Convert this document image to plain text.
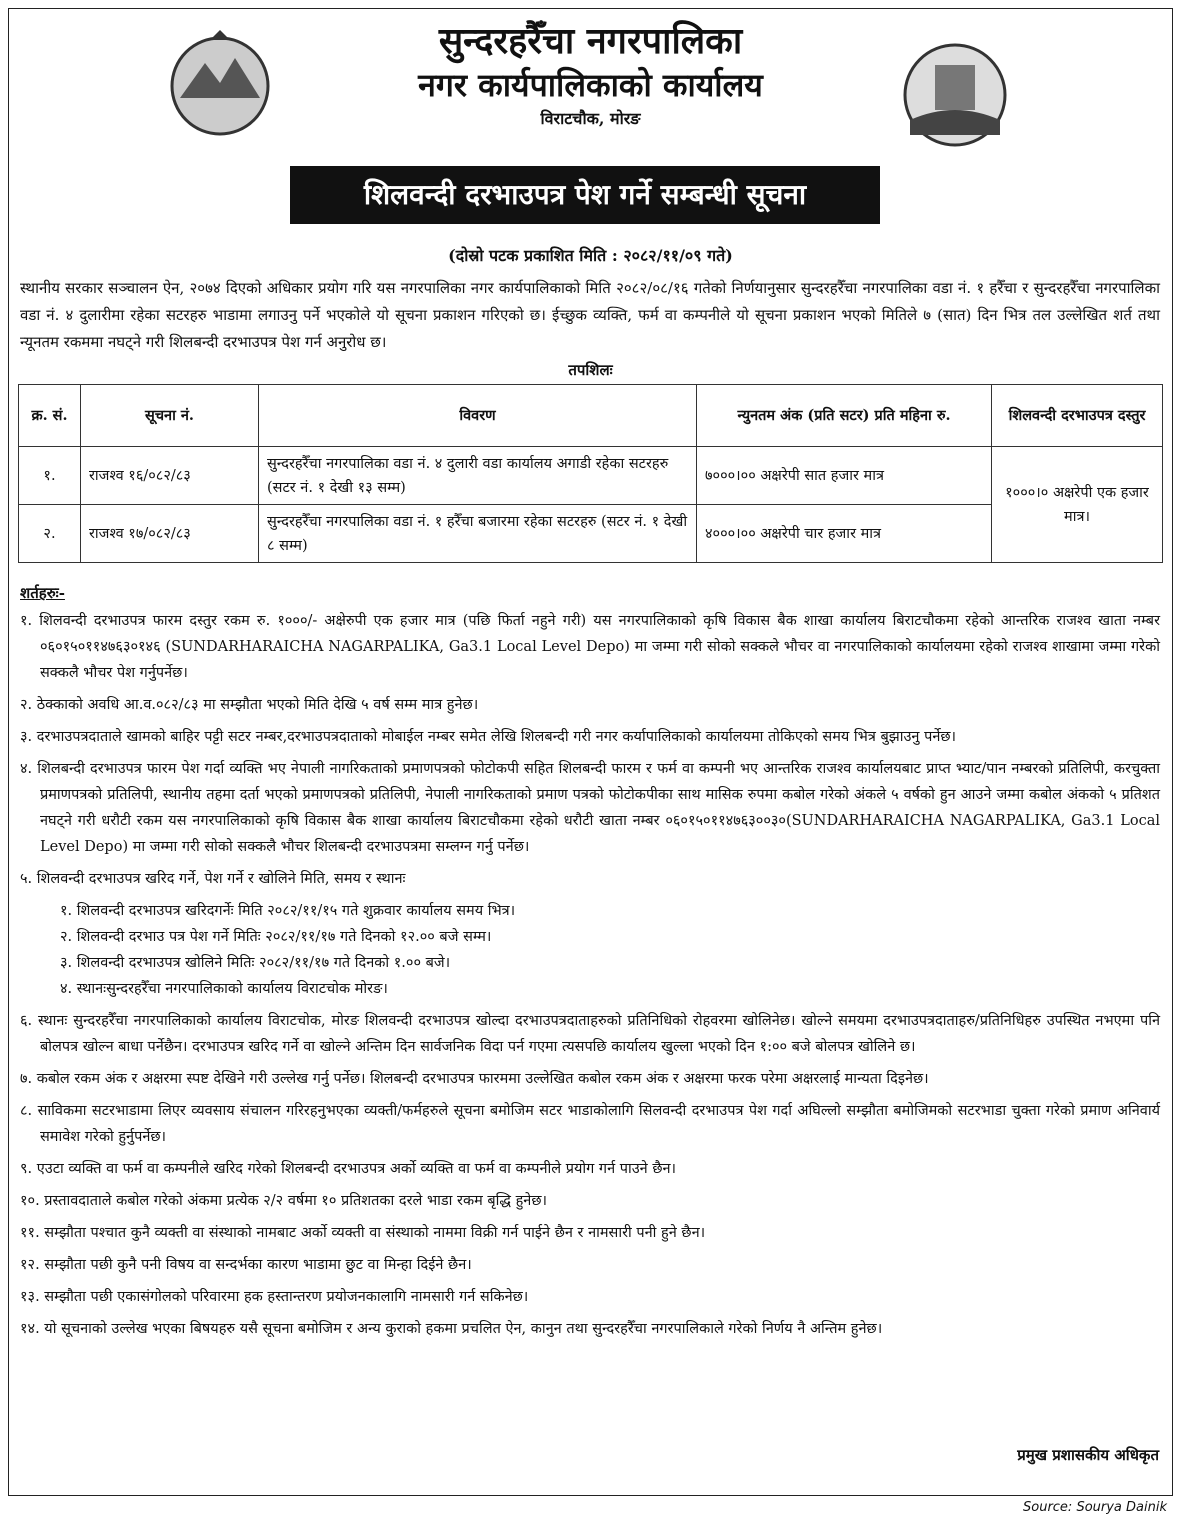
सुन्दरहरैँचा नगरपालिका
नगर कार्यपालिकाको कार्यालय
विराटचौक, मोरङ
शिलवन्दी दरभाउपत्र पेश गर्ने सम्बन्धी सूचना
(दोस्रो पटक प्रकाशित मिति : २०८२/११/०९ गते)
स्थानीय सरकार सञ्चालन ऐन, २०७४ दिएको अधिकार प्रयोग गरि यस नगरपालिका नगर कार्यपालिकाको मिति २०८२/०८/१६ गतेको निर्णयानुसार सुन्दरहरैँचा नगरपालिका वडा नं. १ हरैँचा र सुन्दरहरैँचा नगरपालिका वडा नं. ४ दुलारीमा रहेका सटरहरु भाडामा लगाउनु पर्ने भएकोले यो सूचना प्रकाशन गरिएको छ। ईच्छुक व्यक्ति, फर्म वा कम्पनीले यो सूचना प्रकाशन भएको मितिले ७ (सात) दिन भित्र तल उल्लेखित शर्त तथा न्यूनतम रकममा नघट्ने गरी शिलबन्दी दरभाउपत्र पेश गर्न अनुरोध छ।
तपशिलः
क्र. सं.	सूचना नं.	विवरण	न्युनतम अंक (प्रति सटर) प्रति महिना रु.	शिलवन्दी दरभाउपत्र दस्तुर
१.	राजश्व १६/०८२/८३	सुन्दरहरैँचा नगरपालिका वडा नं. ४ दुलारी वडा कार्यालय अगाडी रहेका सटरहरु (सटर नं. १ देखी १३ सम्म)	७०००।०० अक्षरेपी सात हजार मात्र	१०००।० अक्षरेपी एक हजार मात्र।
२.	राजश्व १७/०८२/८३	सुन्दरहरैँचा नगरपालिका वडा नं. १ हरैँचा बजारमा रहेका सटरहरु (सटर नं. १ देखी ८ सम्म)	४०००।०० अक्षरेपी चार हजार मात्र	
शर्तहरुः-
१. शिलवन्दी दरभाउपत्र फारम दस्तुर रकम रु. १०००/- अक्षेरुपी एक हजार मात्र (पछि फिर्ता नहुने गरी) यस नगरपालिकाको कृषि विकास बैक शाखा कार्यालय बिराटचौकमा रहेको आन्तरिक राजश्व खाता नम्बर ०६०१५०११४७६३०१४६ (SUNDARHARAICHA NAGARPALIKA, Ga3.1 Local Level Depo) मा जम्मा गरी सोको सक्कले भौचर वा नगरपालिकाको कार्यालयमा रहेको राजश्व शाखामा जम्मा गरेको सक्कलै भौचर पेश गर्नुपर्नेछ।
२. ठेक्काको अवधि आ.व.०८२/८३ मा सम्झौता भएको मिति देखि ५ वर्ष सम्म मात्र हुनेछ।
३. दरभाउपत्रदाताले खामको बाहिर पट्टी सटर नम्बर,दरभाउपत्रदाताको मोबाईल नम्बर समेत लेखि शिलबन्दी गरी नगर कर्यापालिकाको कार्यालयमा तोकिएको समय भित्र बुझाउनु पर्नेछ।
४. शिलबन्दी दरभाउपत्र फारम पेश गर्दा व्यक्ति भए नेपाली नागरिकताको प्रमाणपत्रको फोटोकपी सहित शिलबन्दी फारम र फर्म वा कम्पनी भए आन्तरिक राजश्व कार्यालयबाट प्राप्त भ्याट/पान नम्बरको प्रतिलिपी, करचुक्ता प्रमाणपत्रको प्रतिलिपी, स्थानीय तहमा दर्ता भएको प्रमाणपत्रको प्रतिलिपी, नेपाली नागरिकताको प्रमाण पत्रको फोटोकपीका साथ मासिक रुपमा कबोल गरेको अंकले ५ वर्षको हुन आउने जम्मा कबोल अंकको ५ प्रतिशत नघट्ने गरी धरौटी रकम यस नगरपालिकाको कृषि विकास बैक शाखा कार्यालय बिराटचौकमा रहेको धरौटी खाता नम्बर ०६०१५०११४७६३००३०(SUNDARHARAICHA NAGARPALIKA, Ga3.1 Local Level Depo) मा जम्मा गरी सोको सक्कलै भौचर शिलबन्दी दरभाउपत्रमा सम्लग्न गर्नु पर्नेछ।
५. शिलवन्दी दरभाउपत्र खरिद गर्ने, पेश गर्ने र खोलिने मिति, समय र स्थानः
१. शिलवन्दी दरभाउपत्र खरिदगर्नेः मिति २०८२/११/१५ गते शुक्रवार कार्यालय समय भित्र।
२. शिलवन्दी दरभाउ पत्र पेश गर्ने मितिः २०८२/११/१७ गते दिनको १२.०० बजे सम्म।
३. शिलवन्दी दरभाउपत्र खोलिने मितिः २०८२/११/१७ गते दिनको १.०० बजे।
४. स्थानःसुन्दरहरैँचा नगरपालिकाको कार्यालय विराटचोक मोरङ।
६. स्थानः सुन्दरहरैँचा नगरपालिकाको कार्यालय विराटचोक, मोरङ शिलवन्दी दरभाउपत्र खोल्दा दरभाउपत्रदाताहरुको प्रतिनिधिको रोहवरमा खोलिनेछ। खोल्ने समयमा दरभाउपत्रदाताहरु/प्रतिनिधिहरु उपस्थित नभएमा पनि बोलपत्र खोल्न बाधा पर्नेछैन। दरभाउपत्र खरिद गर्ने वा खोल्ने अन्तिम दिन सार्वजनिक विदा पर्न गएमा त्यसपछि कार्यालय खुल्ला भएको दिन १:०० बजे बोलपत्र खोलिने छ।
७. कबोल रकम अंक र अक्षरमा स्पष्ट देखिने गरी उल्लेख गर्नु पर्नेछ। शिलबन्दी दरभाउपत्र फारममा उल्लेखित कबोल रकम अंक र अक्षरमा फरक परेमा अक्षरलाई मान्यता दिइनेछ।
८. साविकमा सटरभाडामा लिएर व्यवसाय संचालन गरिरहनुभएका व्यक्ती/फर्महरुले सूचना बमोजिम सटर भाडाकोलागि सिलवन्दी दरभाउपत्र पेश गर्दा अघिल्लो सम्झौता बमोजिमको सटरभाडा चुक्ता गरेको प्रमाण अनिवार्य समावेश गरेको हुर्नुपर्नेछ।
९. एउटा व्यक्ति वा फर्म वा कम्पनीले खरिद गरेको शिलबन्दी दरभाउपत्र अर्को व्यक्ति वा फर्म वा कम्पनीले प्रयोग गर्न पाउने छैन।
१०. प्रस्तावदाताले कबोल गरेको अंकमा प्रत्येक २/२ वर्षमा १० प्रतिशतका दरले भाडा रकम बृद्धि हुनेछ।
११. सम्झौता पश्चात कुनै व्यक्ती वा संस्थाको नामबाट अर्को व्यक्ती वा संस्थाको नाममा विक्री गर्न पाईने छैन र नामसारी पनी हुने छैन।
१२. सम्झौता पछी कुनै पनी विषय वा सन्दर्भका कारण भाडामा छुट वा मिन्हा दिईने छैन।
१३. सम्झौता पछी एकासंगोलको परिवारमा हक हस्तान्तरण प्रयोजनकालागि नामसारी गर्न सकिनेछ।
१४. यो सूचनाको उल्लेख भएका बिषयहरु यसै सूचना बमोजिम र अन्य कुराको हकमा प्रचलित ऐन, कानुन तथा सुन्दरहरैँचा नगरपालिकाले गरेको निर्णय नै अन्तिम हुनेछ।
प्रमुख प्रशासकीय अधिकृत
Source: Sourya Dainik
